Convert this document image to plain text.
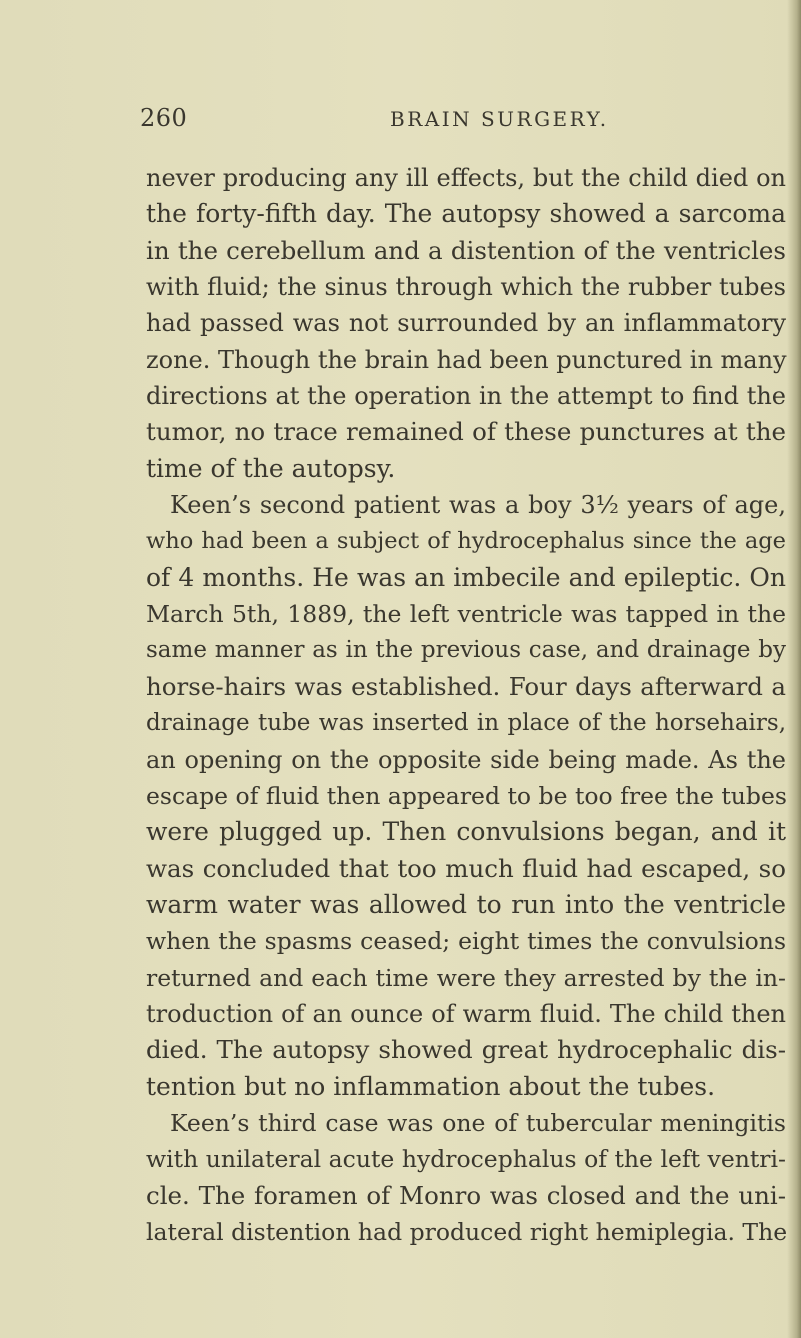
260	BRAIN SURGERY.
never producing any ill effects, but the child died on
the forty-fifth day. The autopsy showed a sarcoma
in the cerebellum and a distention of the ventricles
with fluid; the sinus through which the rubber tubes
had passed was not surrounded by an inflammatory
zone. Though the brain had been punctured in many
directions at the operation in the attempt to find the
tumor, no trace remained of these punctures at the
time of the autopsy.
Keen’s second patient was a boy 3½ years of age,
who had been a subject of hydrocephalus since the age
of 4 months. He was an imbecile and epileptic. On
March 5th, 1889, the left ventricle was tapped in the
same manner as in the previous case, and drainage by
horse-hairs was established. Four days afterward a
drainage tube was inserted in place of the horsehairs,
an opening on the opposite side being made. As the
escape of fluid then appeared to be too free the tubes
were plugged up. Then convulsions began, and it
was concluded that too much fluid had escaped, so
warm water was allowed to run into the ventricle
when the spasms ceased; eight times the convulsions
returned and each time were they arrested by the in-
troduction of an ounce of warm fluid. The child then
died. The autopsy showed great hydrocephalic dis-
tention but no inflammation about the tubes.
Keen’s third case was one of tubercular meningitis
with unilateral acute hydrocephalus of the left ventri-
cle. The foramen of Monro was closed and the uni-
lateral distention had produced right hemiplegia. The
